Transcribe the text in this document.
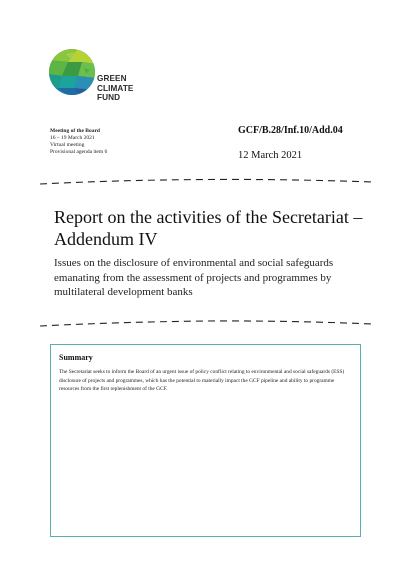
GREEN
CLIMATE
FUND
Meeting of the Board
16 – 19 March 2021
Virtual meeting
Provisional agenda item 6
GCF/B.28/Inf.10/Add.04
12 March 2021
Report on the activities of the Secretariat – Addendum IV
Issues on the disclosure of environmental and social safeguards emanating from the assessment of projects and programmes by multilateral development banks
Summary
The Secretariat seeks to inform the Board of an urgent issue of policy conflict relating to environmental and social safeguards (ESS) disclosure of projects and programmes, which has the potential to materially impact the GCF pipeline and ability to programme resources from the first replenishment of the GCF.
